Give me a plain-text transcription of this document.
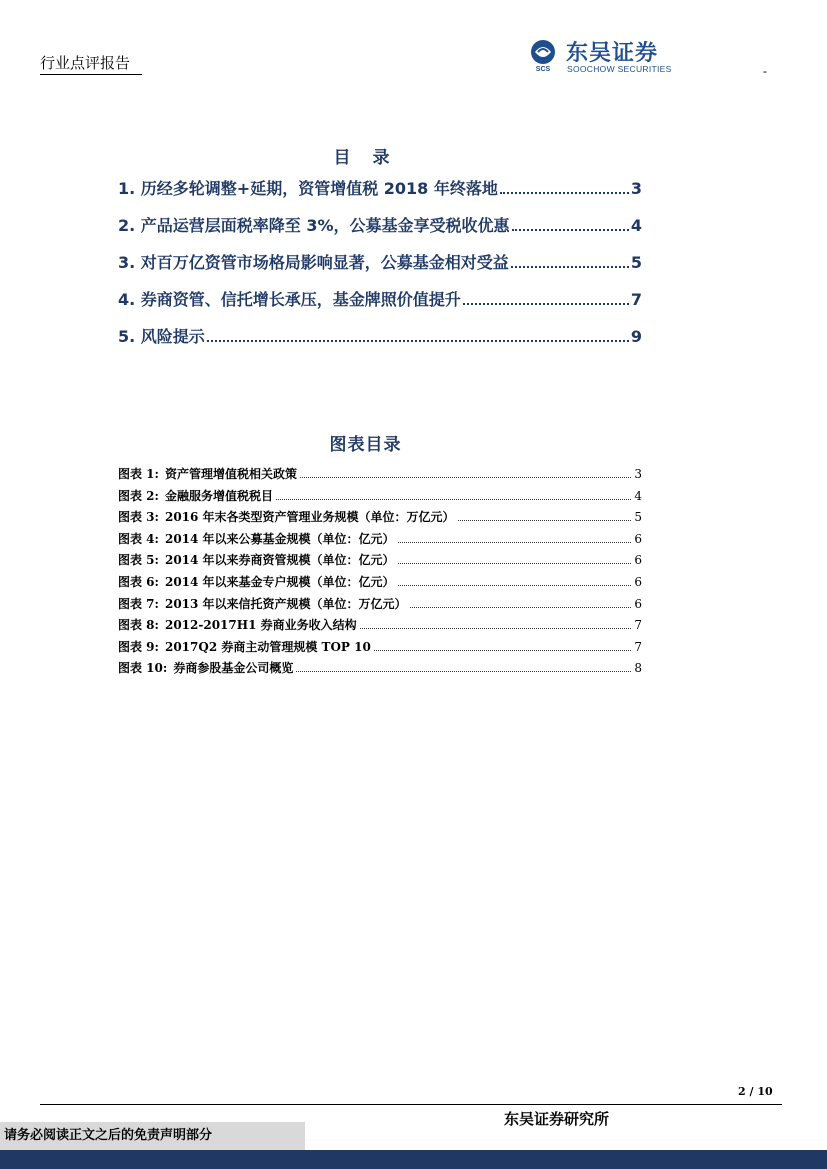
行业点评报告	SCS
东吴证券
SOOCHOW SECURITIES	-
目 录
1. 历经多轮调整+延期，资管增值税 2018 年终落地	3
2. 产品运营层面税率降至 3%，公募基金享受税收优惠	4
3. 对百万亿资管市场格局影响显著，公募基金相对受益	5
4. 券商资管、信托增长承压，基金牌照价值提升	7
5. 风险提示	9
图表目录
图表 1: 资产管理增值税相关政策	3
图表 2: 金融服务增值税税目	4
图表 3: 2016 年末各类型资产管理业务规模（单位：万亿元）	5
图表 4: 2014 年以来公募基金规模（单位：亿元）	6
图表 5: 2014 年以来券商资管规模（单位：亿元）	6
图表 6: 2014 年以来基金专户规模（单位：亿元）	6
图表 7: 2013 年以来信托资产规模（单位：万亿元）	6
图表 8: 2012-2017H1 券商业务收入结构	7
图表 9: 2017Q2 券商主动管理规模 TOP 10	7
图表 10: 券商参股基金公司概览	8
2 / 10
东吴证券研究所
请务必阅读正文之后的免责声明部分
